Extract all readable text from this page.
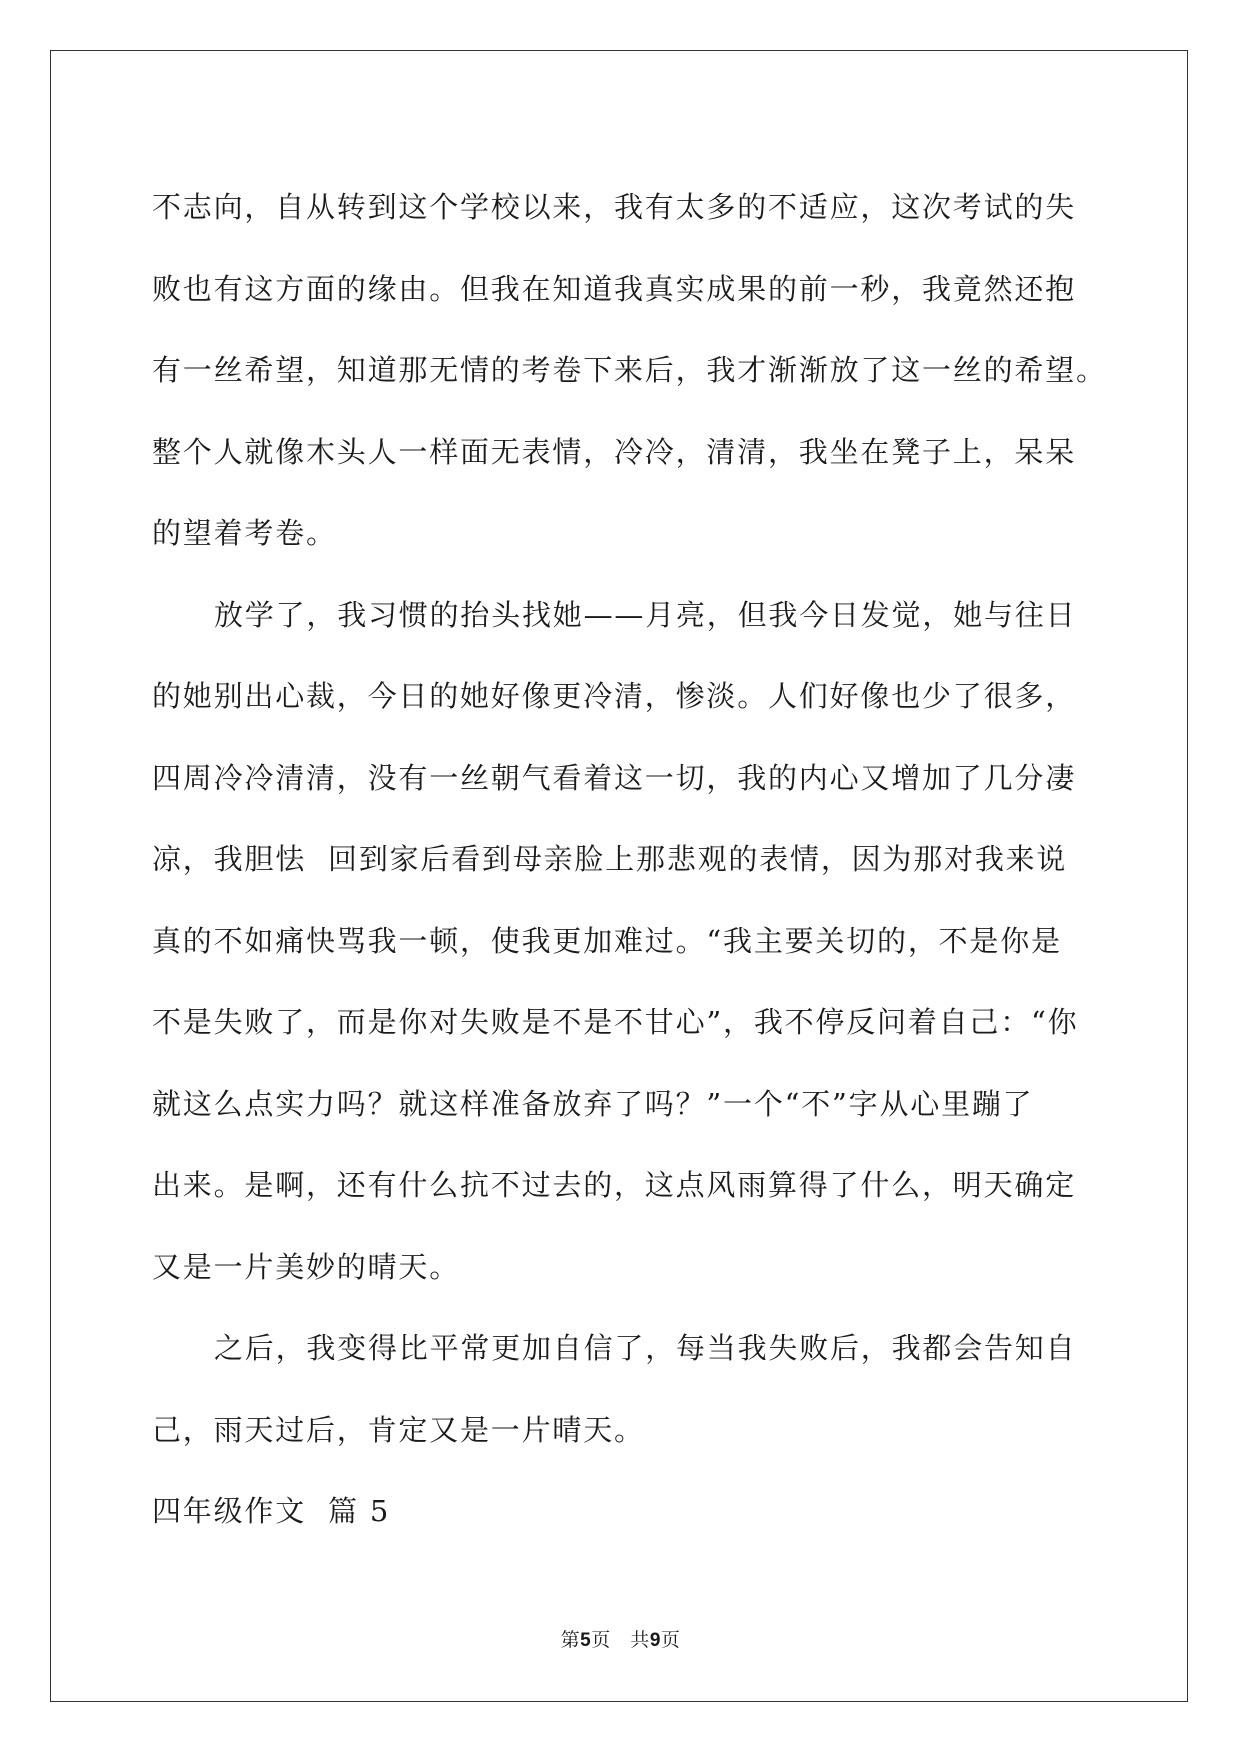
不志向，自从转到这个学校以来，我有太多的不适应，这次考试的失
败也有这方面的缘由。但我在知道我真实成果的前一秒，我竟然还抱
有一丝希望，知道那无情的考卷下来后，我才渐渐放了这一丝的希望。
整个人就像木头人一样面无表情，冷冷，清清，我坐在凳子上，呆呆
的望着考卷。
放学了，我习惯的抬头找她——月亮，但我今日发觉，她与往日
的她别出心裁，今日的她好像更冷清，惨淡。人们好像也少了很多，
四周冷冷清清，没有一丝朝气看着这一切，我的内心又增加了几分凄
凉，我胆怯  回到家后看到母亲脸上那悲观的表情，因为那对我来说
真的不如痛快骂我一顿，使我更加难过。“我主要关切的，不是你是
不是失败了，而是你对失败是不是不甘心”，我不停反问着自己：“你
就这么点实力吗？就这样准备放弃了吗？”一个“不”字从心里蹦了
出来。是啊，还有什么抗不过去的，这点风雨算得了什么，明天确定
又是一片美妙的晴天。
之后，我变得比平常更加自信了，每当我失败后，我都会告知自
己，雨天过后，肯定又是一片晴天。
四年级作文  篇 5
第5页   共9页
